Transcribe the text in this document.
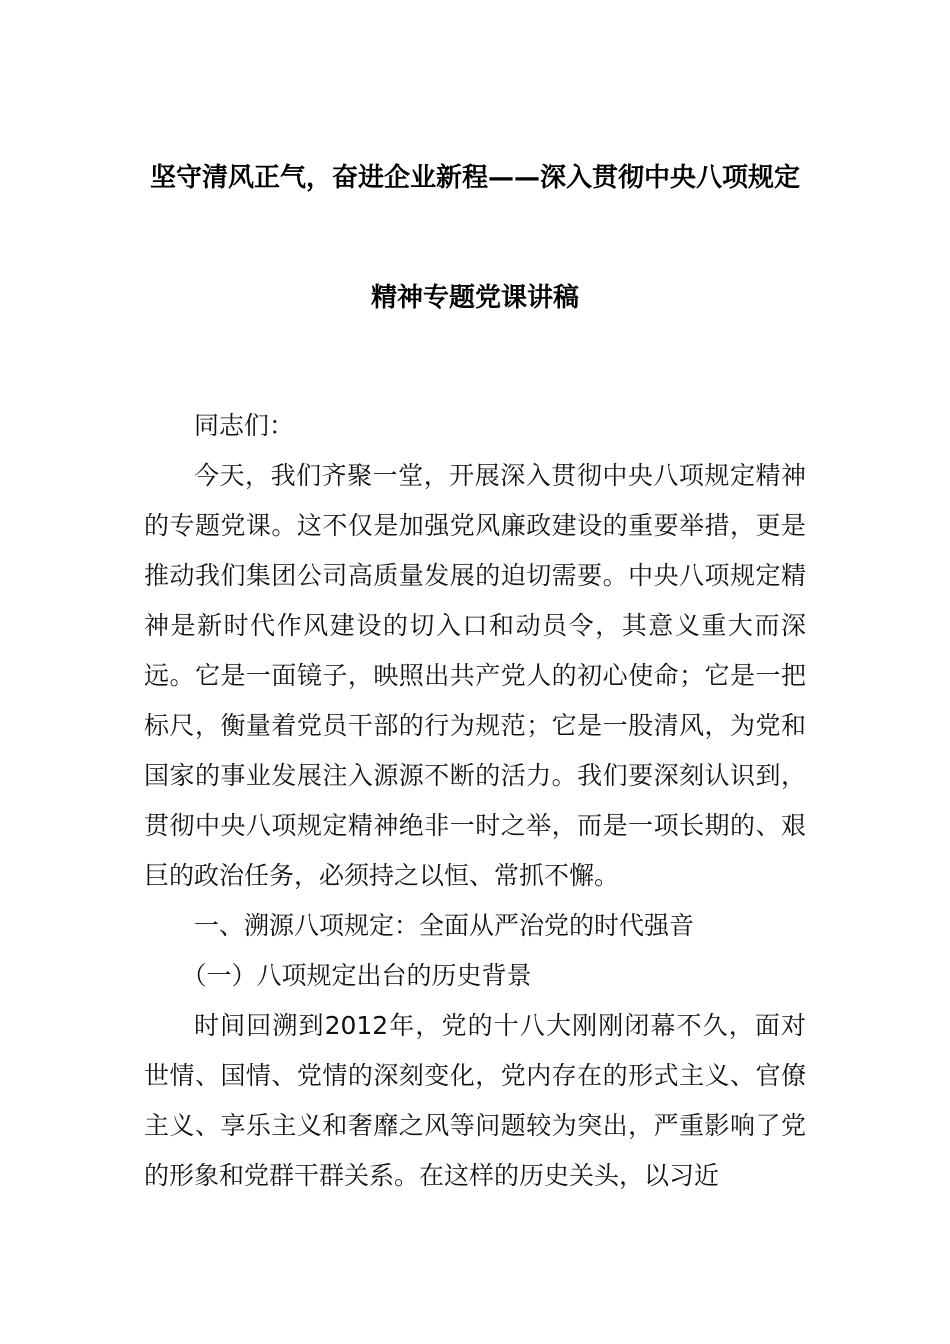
坚守清风正气，奋进企业新程——深入贯彻中央八项规定
精神专题党课讲稿

同志们：

今天，我们齐聚一堂，开展深入贯彻中央八项规定精神的专题党课。这不仅是加强党风廉政建设的重要举措，更是推动我们集团公司高质量发展的迫切需要。中央八项规定精神是新时代作风建设的切入口和动员令，其意义重大而深远。它是一面镜子，映照出共产党人的初心使命；它是一把标尺，衡量着党员干部的行为规范；它是一股清风，为党和国家的事业发展注入源源不断的活力。我们要深刻认识到，贯彻中央八项规定精神绝非一时之举，而是一项长期的、艰巨的政治任务，必须持之以恒、常抓不懈。

一、溯源八项规定：全面从严治党的时代强音

（一）八项规定出台的历史背景

时间回溯到2012年，党的十八大刚刚闭幕不久，面对世情、国情、党情的深刻变化，党内存在的形式主义、官僚主义、享乐主义和奢靡之风等问题较为突出，严重影响了党的形象和党群干群关系。在这样的历史关头，以习近
